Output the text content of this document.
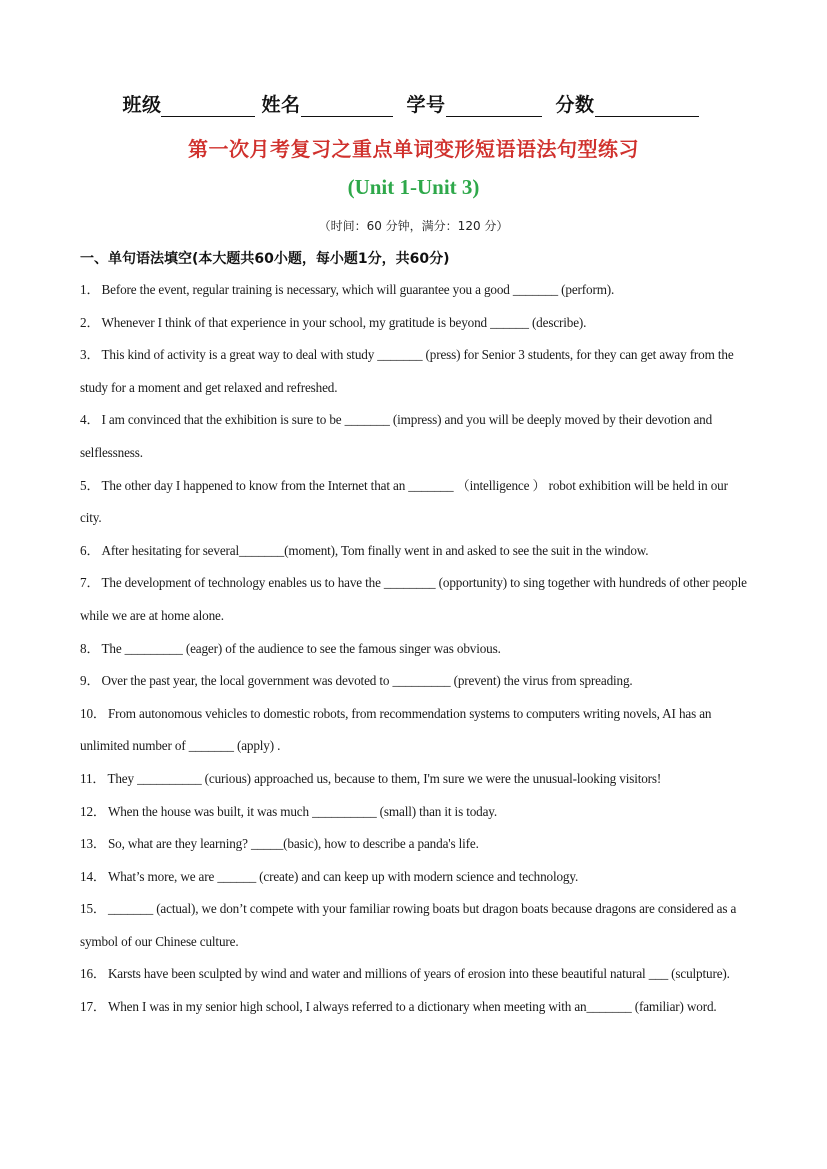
班级	姓名	学号	分数
第一次月考复习之重点单词变形短语语法句型练习
(Unit 1-Unit 3)
（时间：60 分钟，满分：120 分）
一、单句语法填空(本大题共60小题，每小题1分，共60分)

1． Before the event, regular training is necessary, which will guarantee you a good _______ (perform).

2． Whenever I think of that experience in your school, my gratitude is beyond ______ (describe).

3． This kind of activity is a great way to deal with study _______ (press) for Senior 3 students, for they can get away from the study for a moment and get relaxed and refreshed.

4． I am convinced that the exhibition is sure to be _______ (impress) and you will be deeply moved by their devotion and selflessness.

5． The other day I happened to know from the Internet that an _______ （intelligence ） robot exhibition will be held in our city.

6． After hesitating for several_______(moment), Tom finally went in and asked to see the suit in the window.

7． The development of technology enables us to have the ________ (opportunity) to sing together with hundreds of other people while we are at home alone.

8． The _________ (eager) of the audience to see the famous singer was obvious.

9． Over the past year, the local government was devoted to _________ (prevent) the virus from spreading.

10． From autonomous vehicles to domestic robots, from recommendation systems to computers writing novels, AI has an unlimited number of _______ (apply) .

11． They __________ (curious) approached us, because to them, I'm sure we were the unusual-looking visitors!

12． When the house was built, it was much __________ (small) than it is today.

13． So, what are they learning? _____(basic), how to describe a panda's life.

14． What’s more, we are ______ (create) and can keep up with modern science and technology.

15． _______ (actual), we don’t compete with your familiar rowing boats but dragon boats because dragons are considered as a symbol of our Chinese culture.

16． Karsts have been sculpted by wind and water and millions of years of erosion into these beautiful natural ___ (sculpture).

17． When I was in my senior high school, I always referred to a dictionary when meeting with an_______ (familiar) word.
